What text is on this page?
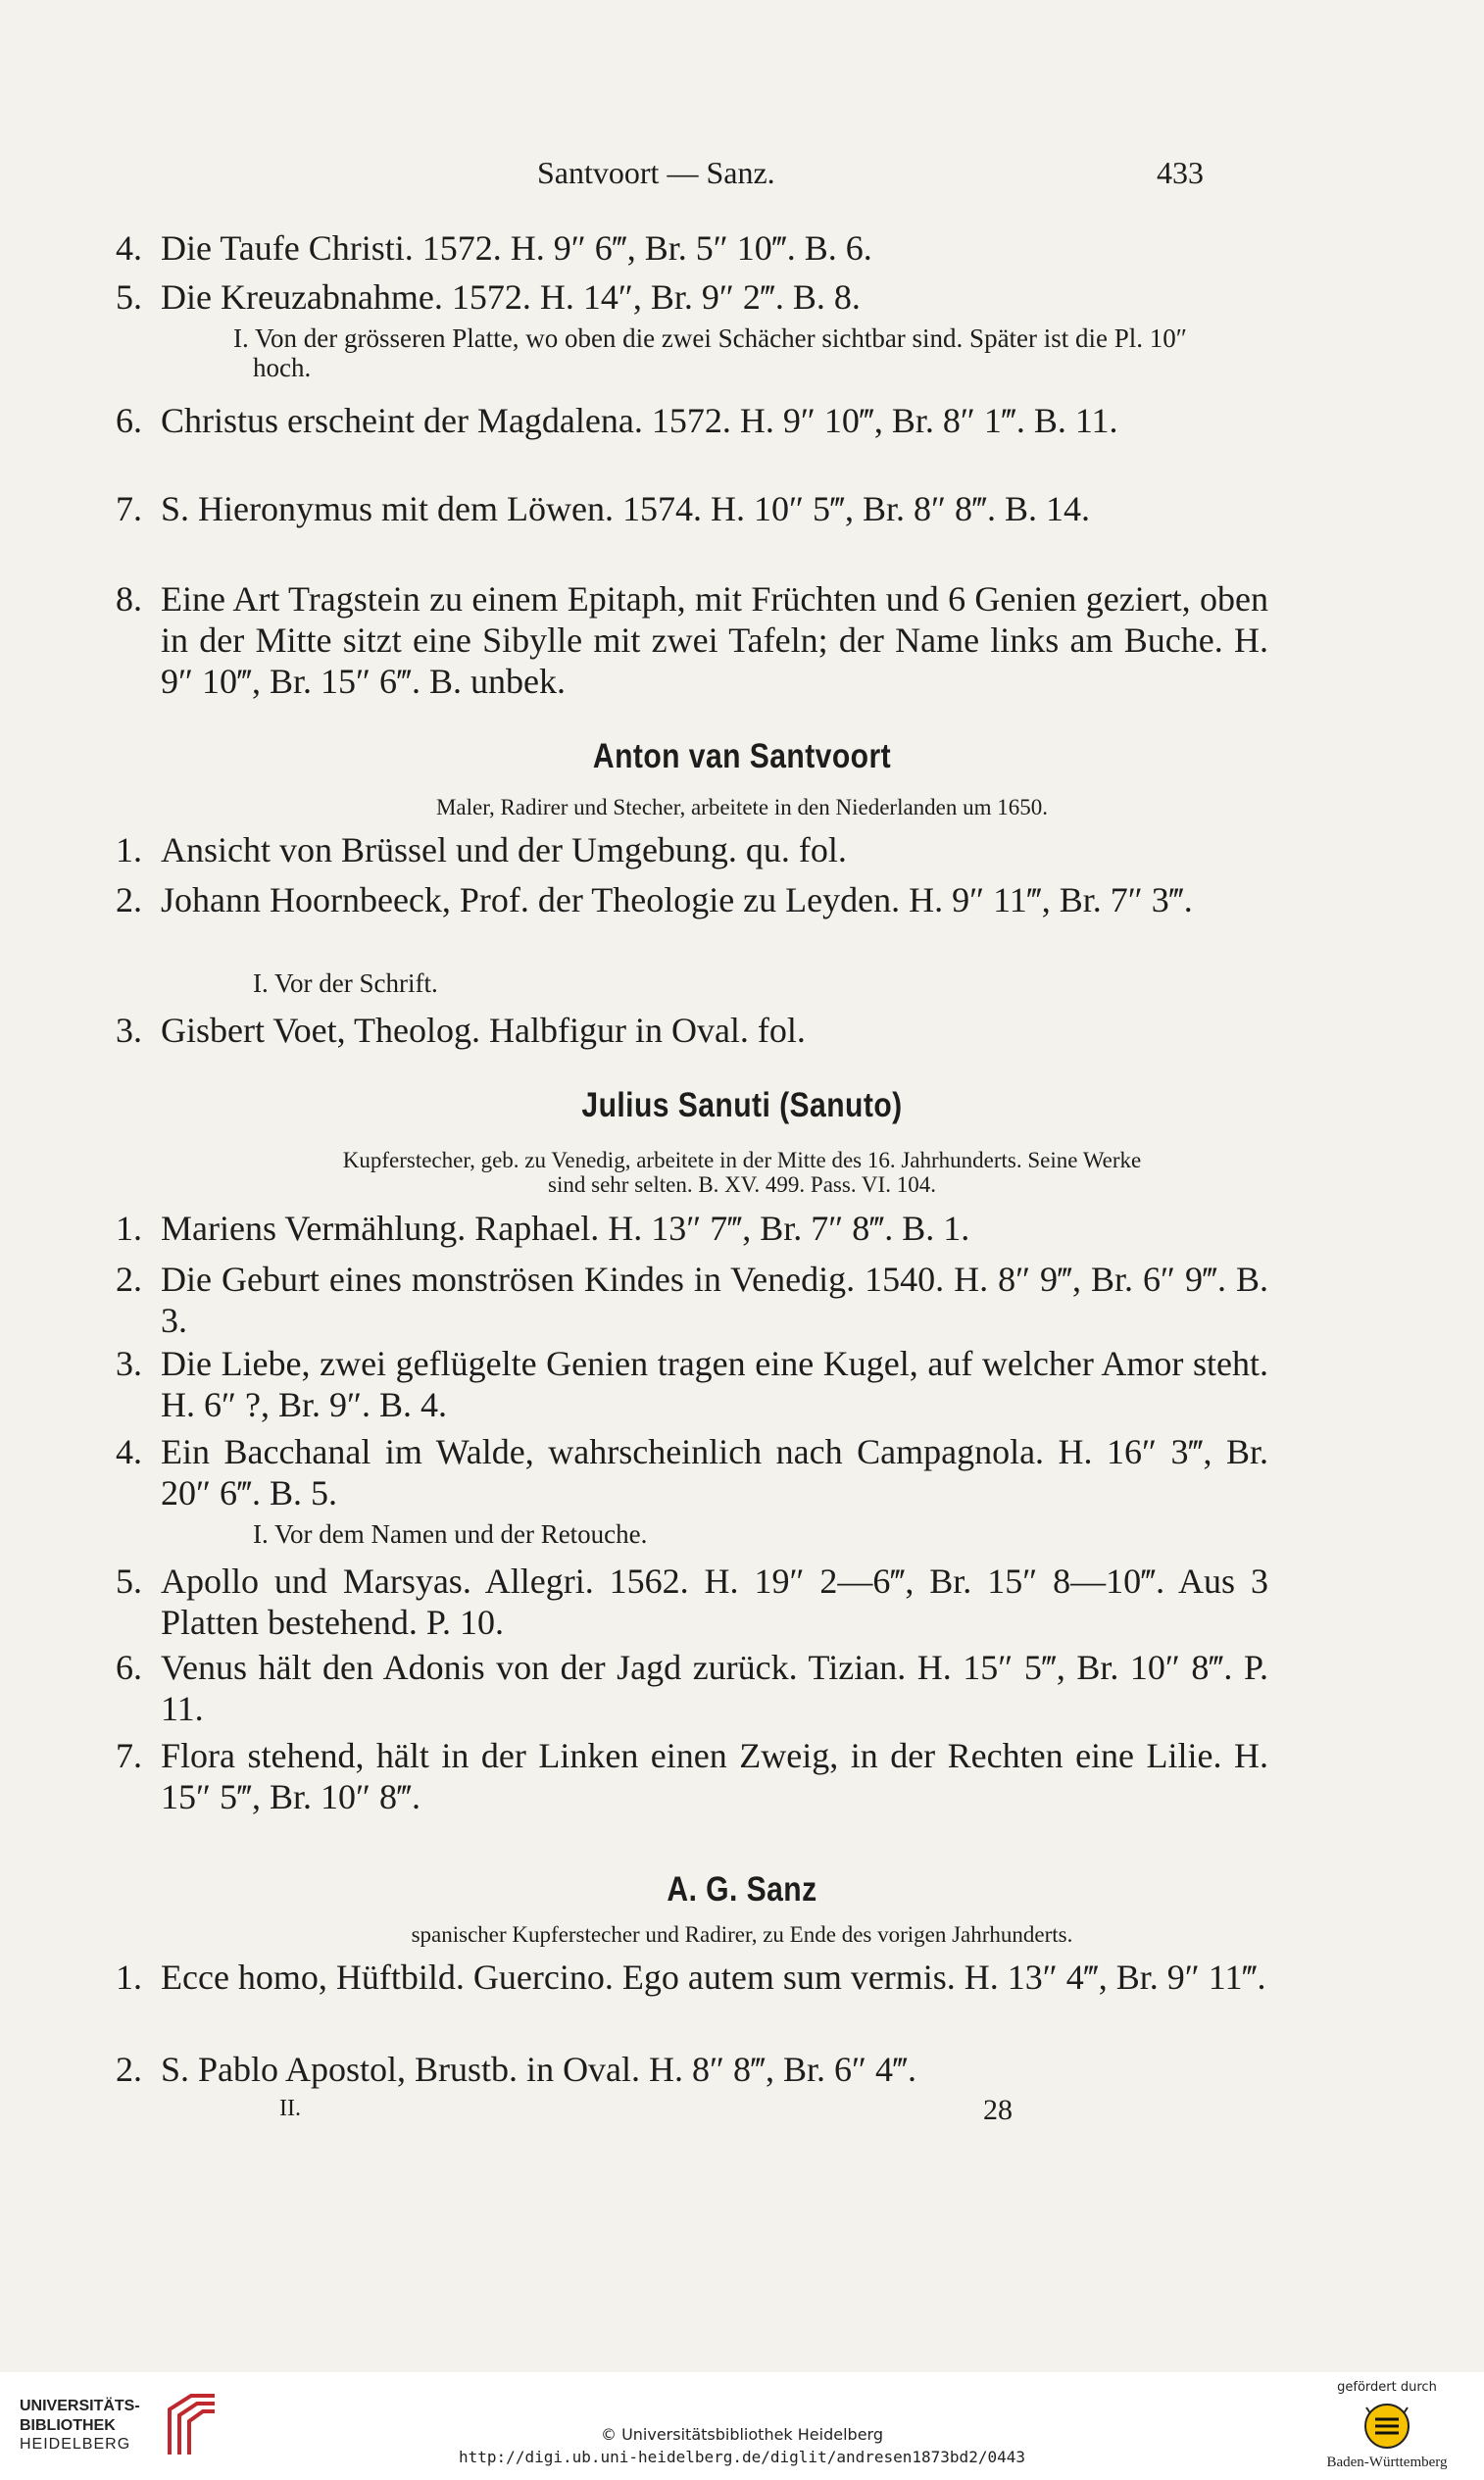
Santvoort — Sanz.	433
4. Die Taufe Christi. 1572. H. 9″ 6‴, Br. 5″ 10‴. B. 6.
5. Die Kreuzabnahme. 1572. H. 14″, Br. 9″ 2‴. B. 8.
I. Von der grösseren Platte, wo oben die zwei Schächer sichtbar sind. Später ist die Pl. 10″ hoch.
6. Christus erscheint der Magdalena. 1572. H. 9″ 10‴, Br. 8″ 1‴. B. 11.
7. S. Hieronymus mit dem Löwen. 1574. H. 10″ 5‴, Br. 8″ 8‴. B. 14.
8. Eine Art Tragstein zu einem Epitaph, mit Früchten und 6 Genien geziert, oben in der Mitte sitzt eine Sibylle mit zwei Tafeln; der Name links am Buche. H. 9″ 10‴, Br. 15″ 6‴. B. unbek.
Anton van Santvoort
Maler, Radirer und Stecher, arbeitete in den Niederlanden um 1650.
1. Ansicht von Brüssel und der Umgebung. qu. fol.
2. Johann Hoornbeeck, Prof. der Theologie zu Leyden. H. 9″ 11‴, Br. 7″ 3‴.
I. Vor der Schrift.
3. Gisbert Voet, Theolog. Halbfigur in Oval. fol.
Julius Sanuti (Sanuto)
Kupferstecher, geb. zu Venedig, arbeitete in der Mitte des 16. Jahrhunderts. Seine Werke
sind sehr selten. B. XV. 499. Pass. VI. 104.
1. Mariens Vermählung. Raphael. H. 13″ 7‴, Br. 7″ 8‴. B. 1.
2. Die Geburt eines monströsen Kindes in Venedig. 1540. H. 8″ 9‴, Br. 6″ 9‴. B. 3.
3. Die Liebe, zwei geflügelte Genien tragen eine Kugel, auf welcher Amor steht. H. 6″ ?, Br. 9″. B. 4.
4. Ein Bacchanal im Walde, wahrscheinlich nach Campagnola. H. 16″ 3‴, Br. 20″ 6‴. B. 5.
I. Vor dem Namen und der Retouche.
5. Apollo und Marsyas. Allegri. 1562. H. 19″ 2—6‴, Br. 15″ 8—10‴. Aus 3 Platten bestehend. P. 10.
6. Venus hält den Adonis von der Jagd zurück. Tizian. H. 15″ 5‴, Br. 10″ 8‴. P. 11.
7. Flora stehend, hält in der Linken einen Zweig, in der Rechten eine Lilie. H. 15″ 5‴, Br. 10″ 8‴.
A. G. Sanz
spanischer Kupferstecher und Radirer, zu Ende des vorigen Jahrhunderts.
1. Ecce homo, Hüftbild. Guercino. Ego autem sum vermis. H. 13″ 4‴, Br. 9″ 11‴.
2. S. Pablo Apostol, Brustb. in Oval. H. 8″ 8‴, Br. 6″ 4‴.
II.	28
UNIVERSITÄTS-
BIBLIOTHEK
HEIDELBERG
© Universitätsbibliothek Heidelberg
http://digi.ub.uni-heidelberg.de/diglit/andresen1873bd2/0443
gefördert durch
Baden-Württemberg
